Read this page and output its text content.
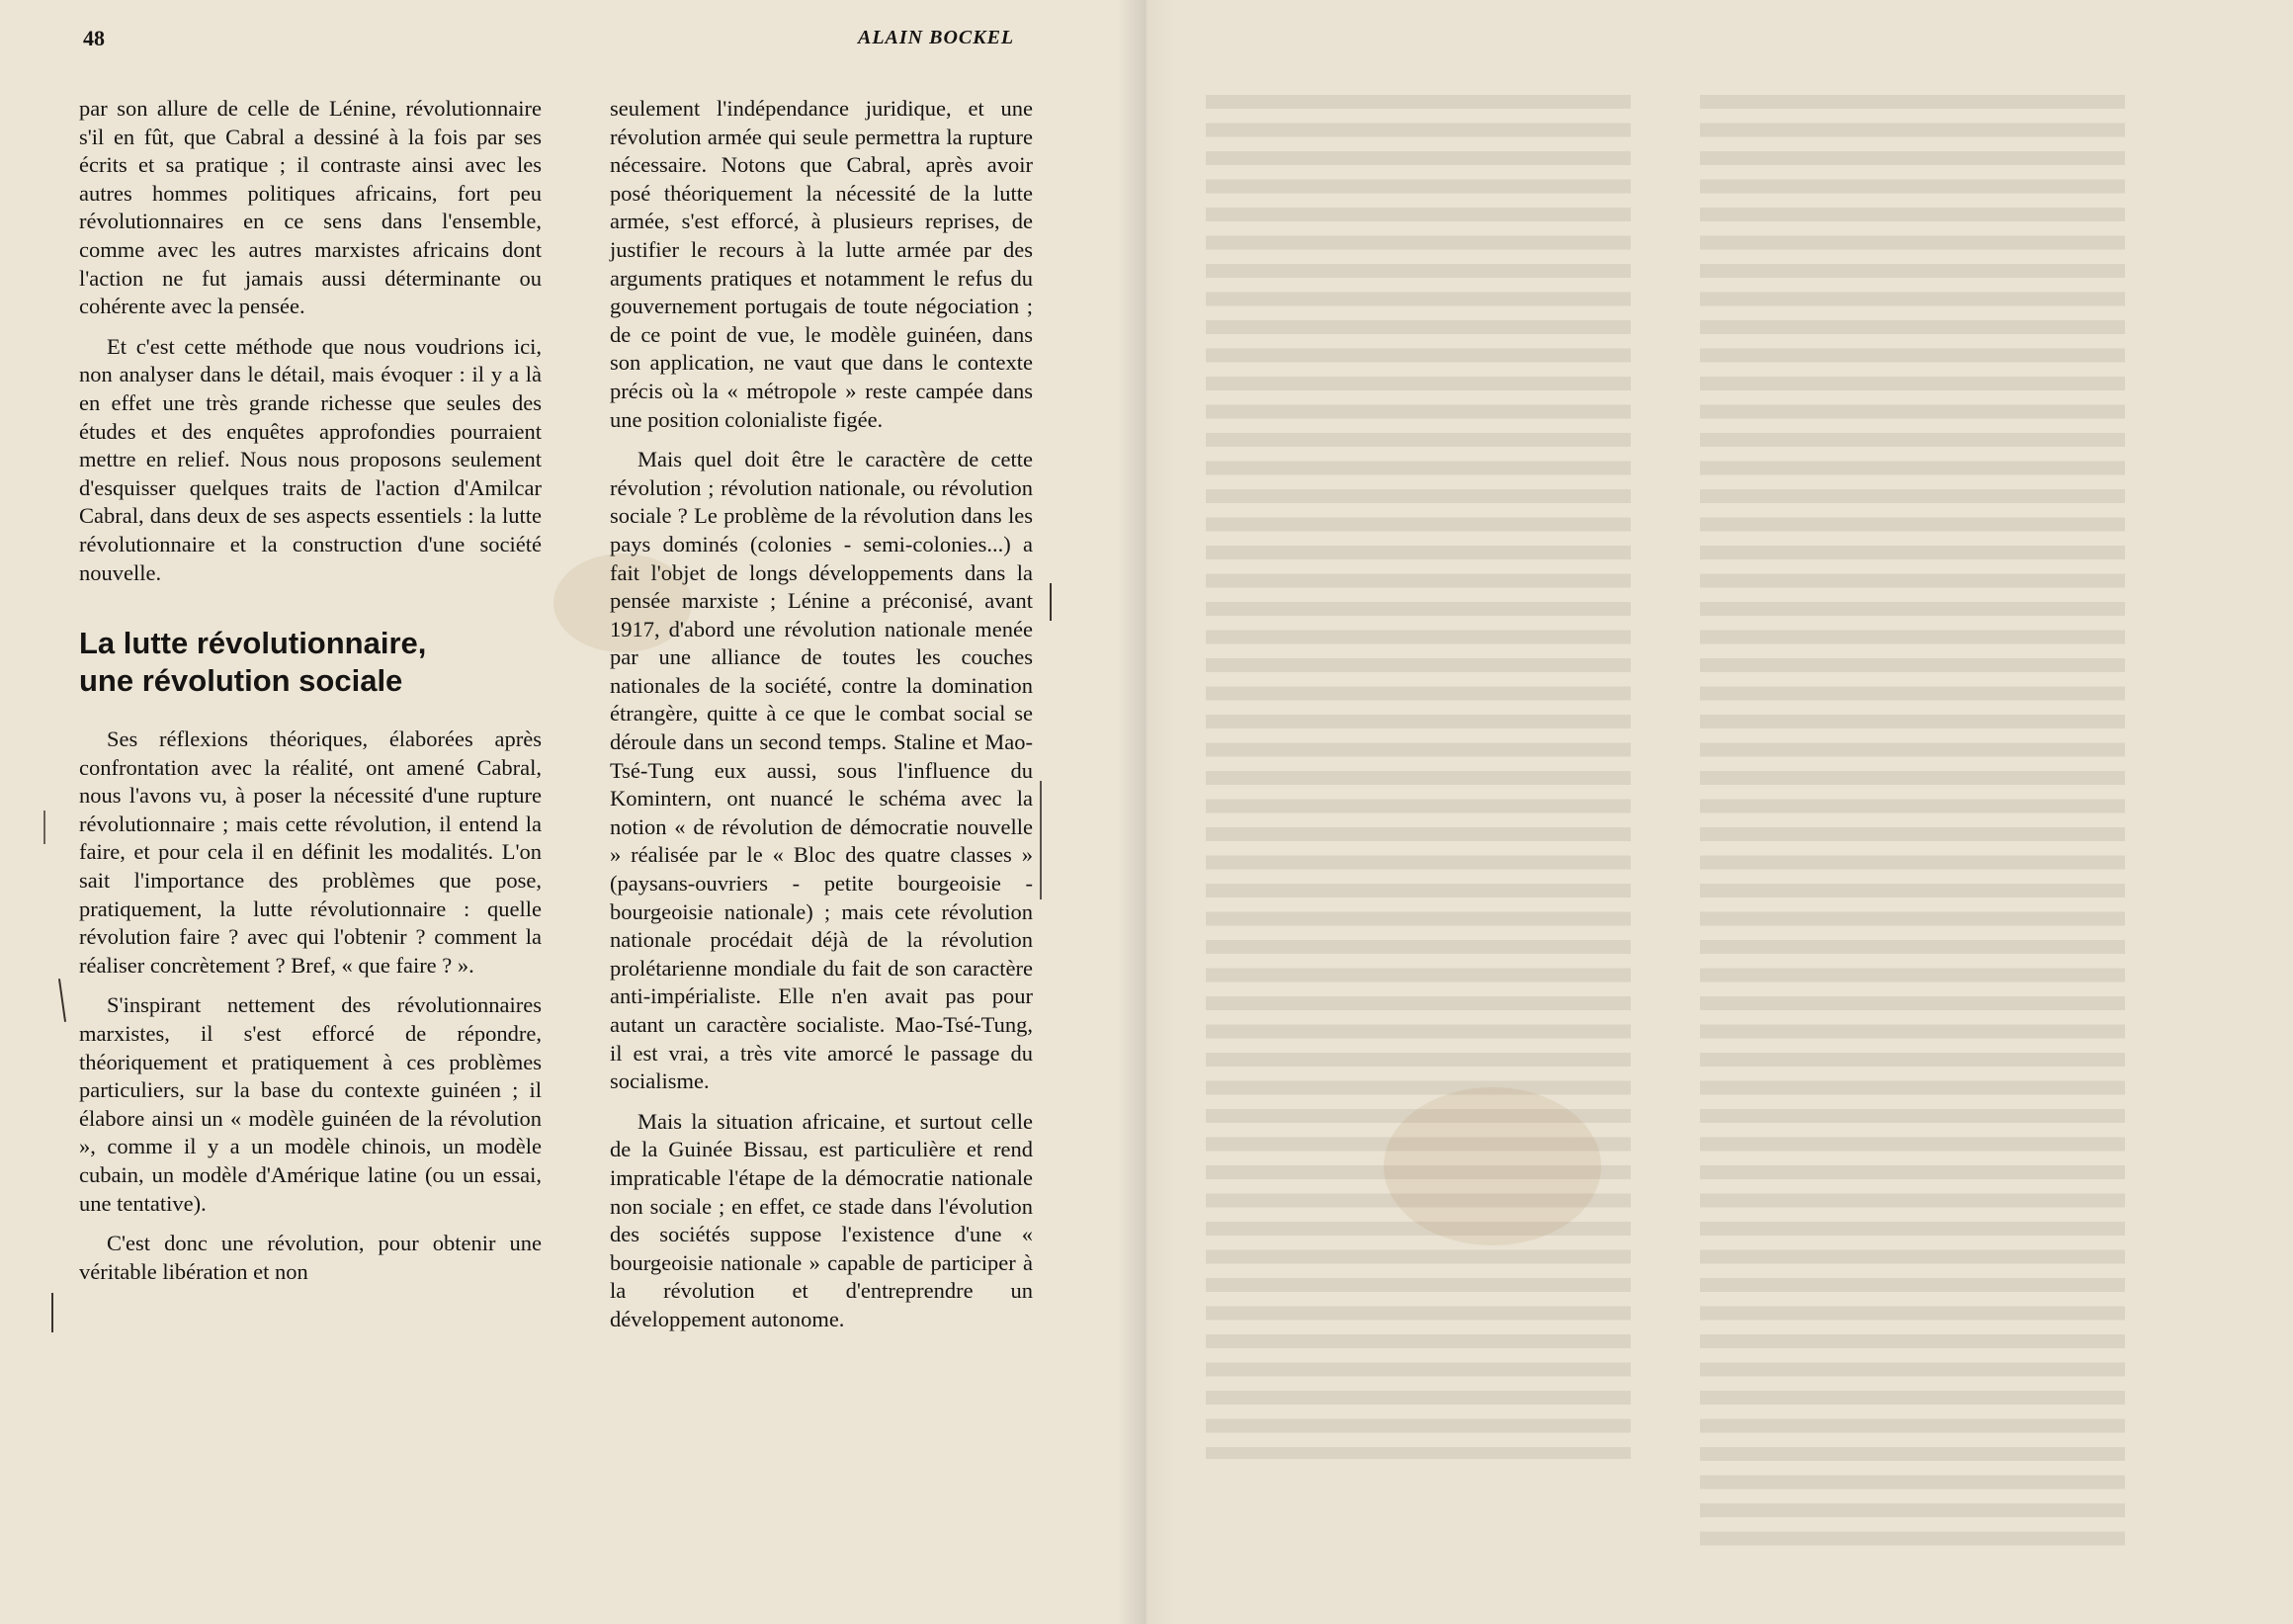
48	ALAIN BOCKEL

par son allure de celle de Lénine, révolutionnaire s'il en fût, que Cabral a dessiné à la fois par ses écrits et sa pratique ; il contraste ainsi avec les autres hommes politiques africains, fort peu révolutionnaires en ce sens dans l'ensemble, comme avec les autres marxistes africains dont l'action ne fut jamais aussi déterminante ou cohérente avec la pensée.

Et c'est cette méthode que nous voudrions ici, non analyser dans le détail, mais évoquer : il y a là en effet une très grande richesse que seules des études et des enquêtes approfondies pourraient mettre en relief. Nous nous proposons seulement d'esquisser quelques traits de l'action d'Amilcar Cabral, dans deux de ses aspects essentiels : la lutte révolutionnaire et la construction d'une société nouvelle.

La lutte révolutionnaire,
une révolution sociale

Ses réflexions théoriques, élaborées après confrontation avec la réalité, ont amené Cabral, nous l'avons vu, à poser la nécessité d'une rupture révolutionnaire ; mais cette révolution, il entend la faire, et pour cela il en définit les modalités. L'on sait l'importance des problèmes que pose, pratiquement, la lutte révolutionnaire : quelle révolution faire ? avec qui l'obtenir ? comment la réaliser concrètement ? Bref, « que faire ? ».

S'inspirant nettement des révolutionnaires marxistes, il s'est efforcé de répondre, théoriquement et pratiquement à ces problèmes particuliers, sur la base du contexte guinéen ; il élabore ainsi un « modèle guinéen de la révolution », comme il y a un modèle chinois, un modèle cubain, un modèle d'Amérique latine (ou un essai, une tentative).

C'est donc une révolution, pour obtenir une véritable libération et non

seulement l'indépendance juridique, et une révolution armée qui seule permettra la rupture nécessaire. Notons que Cabral, après avoir posé théoriquement la nécessité de la lutte armée, s'est efforcé, à plusieurs reprises, de justifier le recours à la lutte armée par des arguments pratiques et notamment le refus du gouvernement portugais de toute négociation ; de ce point de vue, le modèle guinéen, dans son application, ne vaut que dans le contexte précis où la « métropole » reste campée dans une position colonialiste figée.

Mais quel doit être le caractère de cette révolution ; révolution nationale, ou révolution sociale ? Le problème de la révolution dans les pays dominés (colonies - semi-colonies...) a fait l'objet de longs développements dans la pensée marxiste ; Lénine a préconisé, avant 1917, d'abord une révolution nationale menée par une alliance de toutes les couches nationales de la société, contre la domination étrangère, quitte à ce que le combat social se déroule dans un second temps. Staline et Mao-Tsé-Tung eux aussi, sous l'influence du Komintern, ont nuancé le schéma avec la notion « de révolution de démocratie nouvelle » réalisée par le « Bloc des quatre classes » (paysans-ouvriers - petite bourgeoisie - bourgeoisie nationale) ; mais cete révolution nationale procédait déjà de la révolution prolétarienne mondiale du fait de son caractère anti-impérialiste. Elle n'en avait pas pour autant un caractère socialiste. Mao-Tsé-Tung, il est vrai, a très vite amorcé le passage du socialisme.

Mais la situation africaine, et surtout celle de la Guinée Bissau, est particulière et rend impraticable l'étape de la démocratie nationale non sociale ; en effet, ce stade dans l'évolution des sociétés suppose l'existence d'une « bourgeoisie nationale » capable de participer à la révolution et d'entreprendre un développement autonome.
